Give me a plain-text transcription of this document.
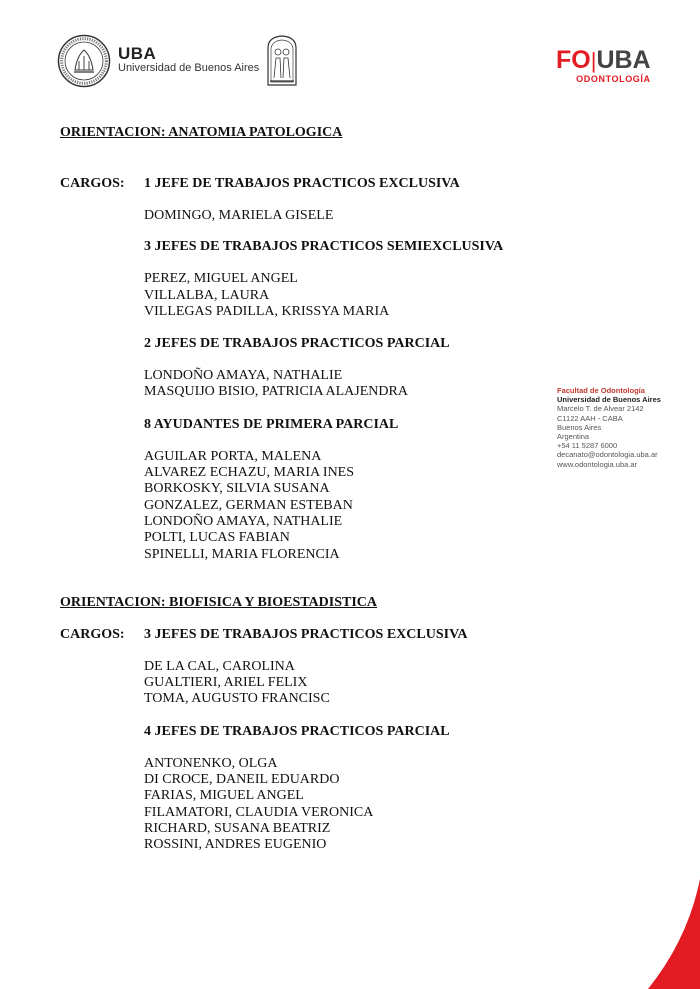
UBA
Universidad de Buenos Aires	FO|UBA
ODONTOLOGÍA
ORIENTACION: ANATOMIA PATOLOGICA
CARGOS:	1 JEFE DE TRABAJOS PRACTICOS EXCLUSIVA
DOMINGO, MARIELA GISELE
3 JEFES DE TRABAJOS PRACTICOS SEMIEXCLUSIVA
PEREZ, MIGUEL ANGEL
VILLALBA, LAURA
VILLEGAS PADILLA, KRISSYA MARIA
2 JEFES DE TRABAJOS PRACTICOS PARCIAL
LONDOÑO AMAYA, NATHALIE
MASQUIJO BISIO, PATRICIA ALAJENDRA
8 AYUDANTES DE PRIMERA PARCIAL
AGUILAR PORTA, MALENA
ALVAREZ ECHAZU, MARIA INES
BORKOSKY, SILVIA SUSANA
GONZALEZ, GERMAN ESTEBAN
LONDOÑO AMAYA, NATHALIE
POLTI, LUCAS FABIAN
SPINELLI, MARIA FLORENCIA
ORIENTACION: BIOFISICA Y BIOESTADISTICA
CARGOS:	3 JEFES DE TRABAJOS PRACTICOS EXCLUSIVA
DE LA CAL, CAROLINA
GUALTIERI, ARIEL FELIX
TOMA, AUGUSTO FRANCISC
4 JEFES DE TRABAJOS PRACTICOS PARCIAL
ANTONENKO, OLGA
DI CROCE, DANEIL EDUARDO
FARIAS, MIGUEL ANGEL
FILAMATORI, CLAUDIA VERONICA
RICHARD, SUSANA BEATRIZ
ROSSINI, ANDRES EUGENIO
Facultad de Odontología
Universidad de Buenos Aires
Marcelo T. de Alvear 2142
C1122 AAH - CABA
Buenos Aires
Argentina
+54 11 5287 6000
decanato@odontologia.uba.ar
www.odontologia.uba.ar
